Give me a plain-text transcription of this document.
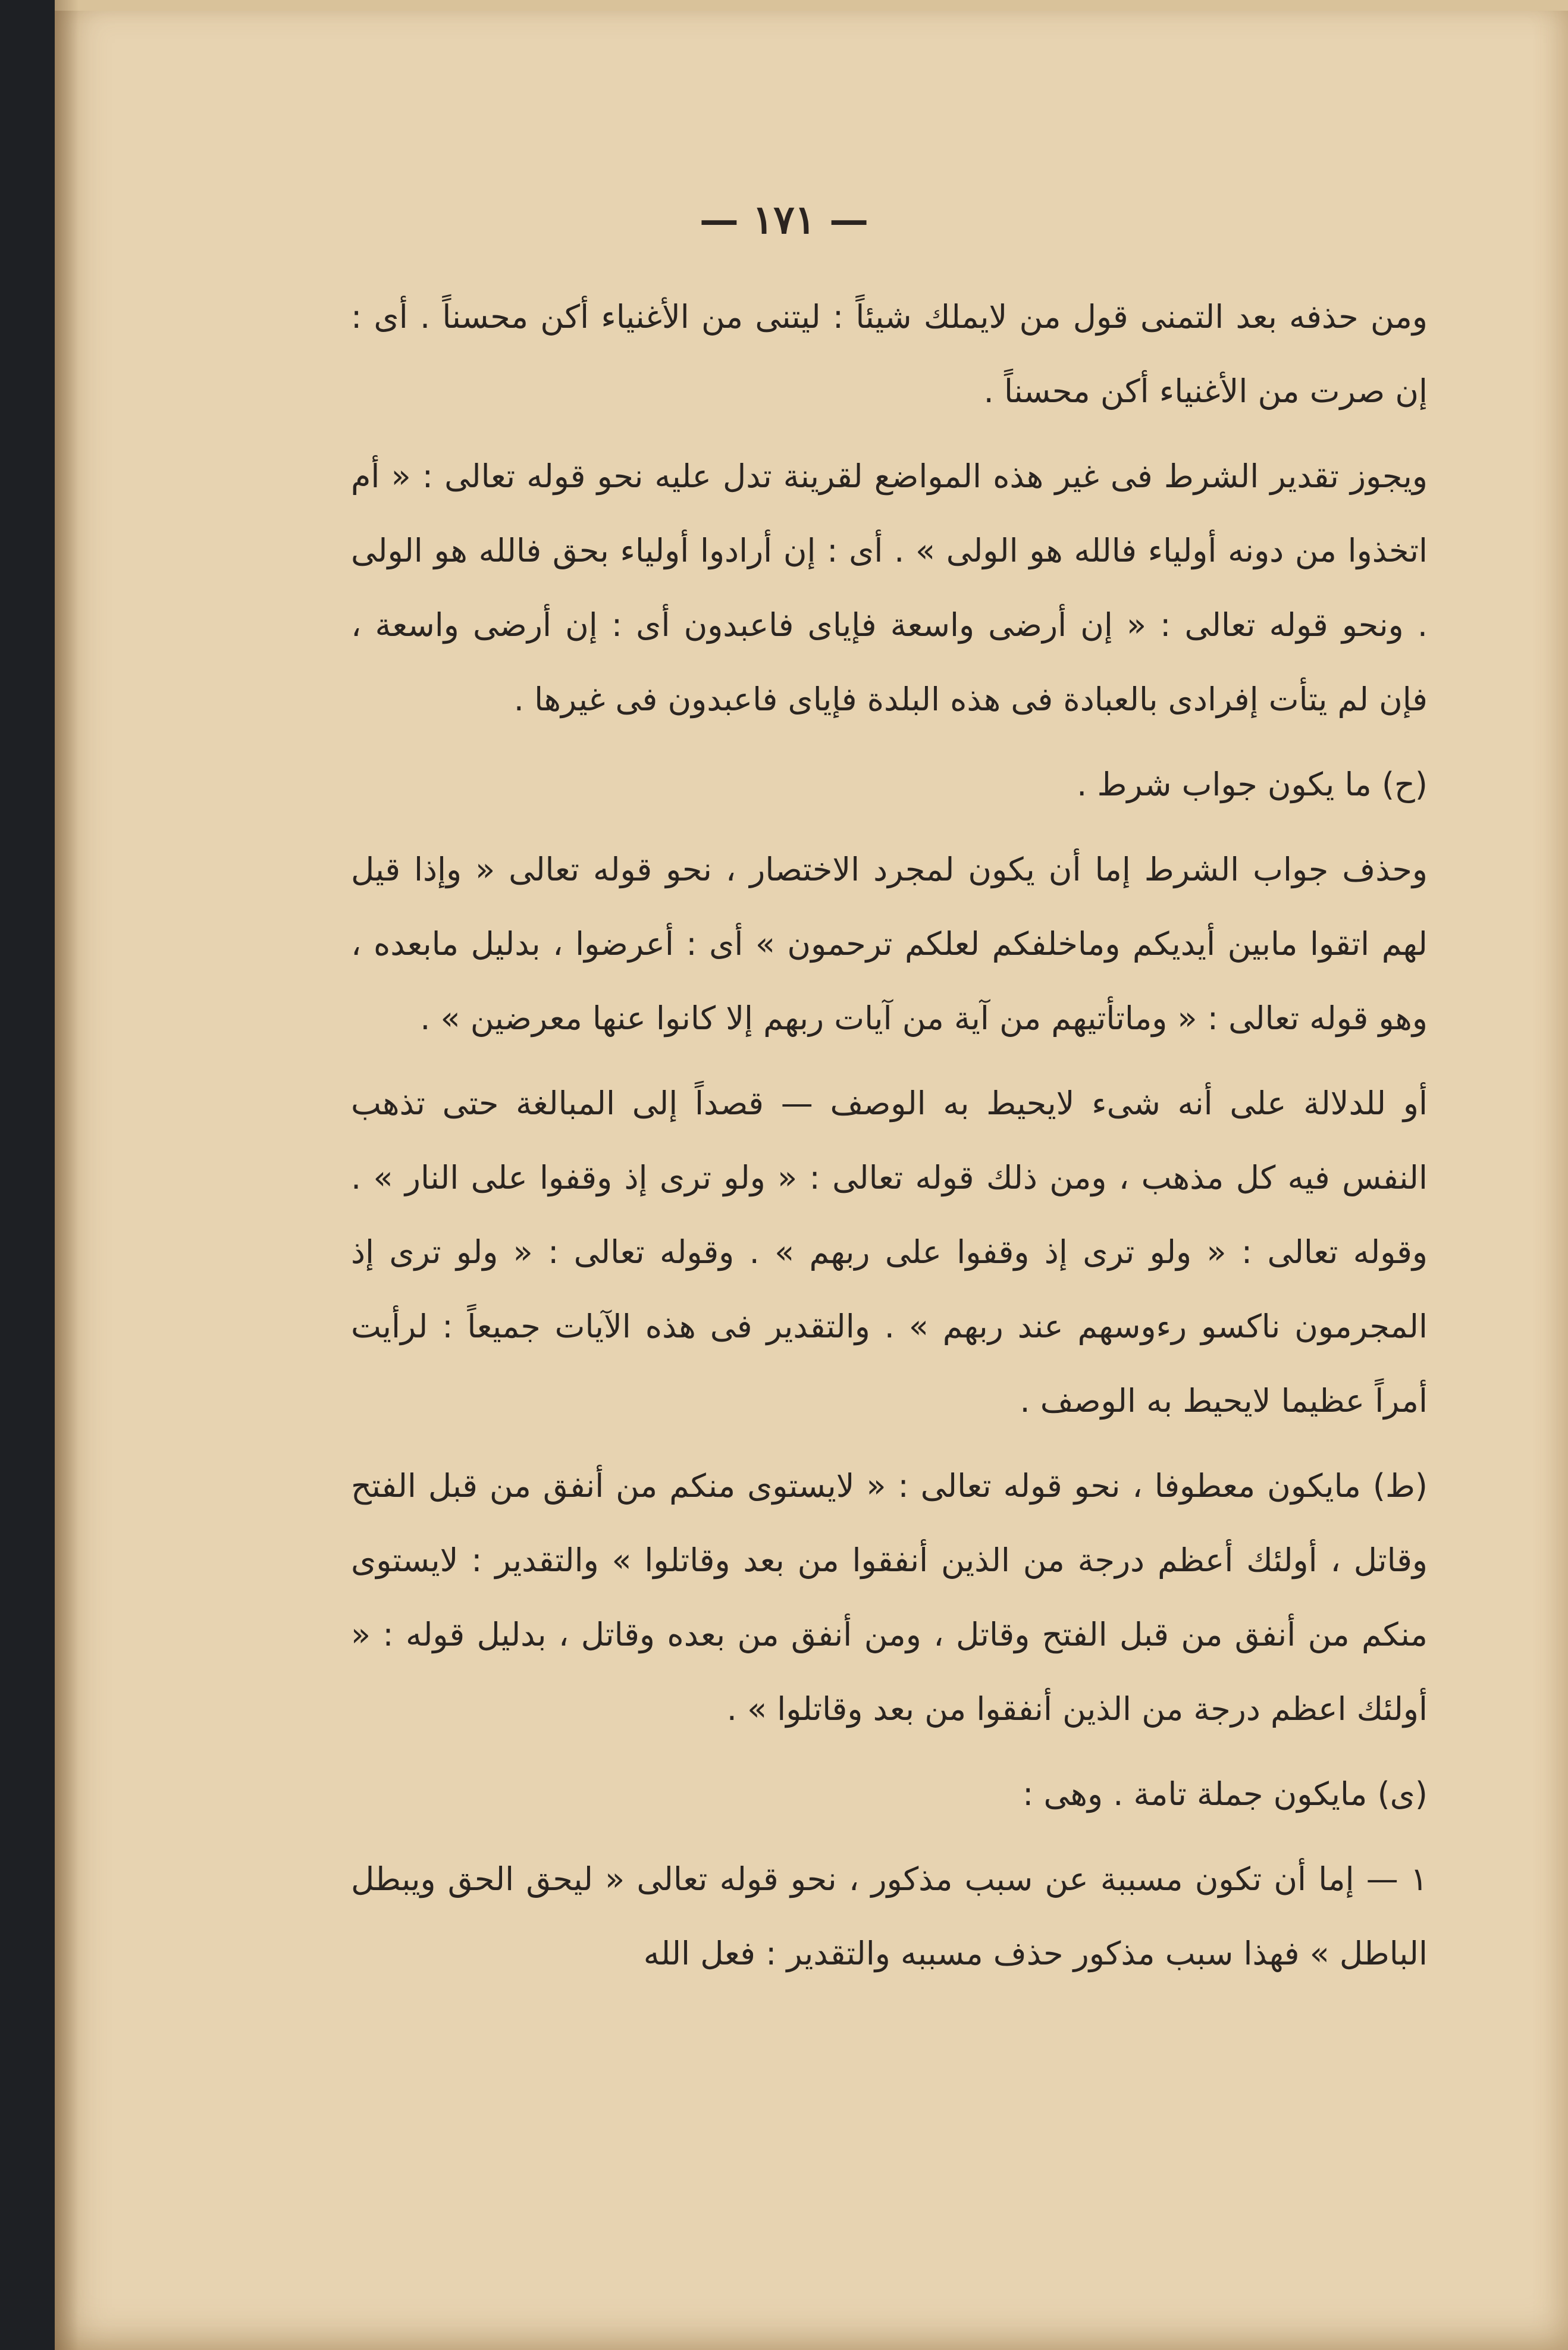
— ١٧١ —

ومن حذفه بعد التمنى قول من لايملك شيئاً : ليتنى من الأغنياء أكن محسناً . أى : إن صرت من الأغنياء أكن محسناً .

ويجوز تقدير الشرط فى غير هذه المواضع لقرينة تدل عليه نحو قوله تعالى : « أم اتخذوا من دونه أولياء فالله هو الولى » . أى : إن أرادوا أولياء بحق فالله هو الولى . ونحو قوله تعالى : « إن أرضى واسعة فإياى فاعبدون أى : إن أرضى واسعة ، فإن لم يتأت إفرادى بالعبادة فى هذه البلدة فإياى فاعبدون فى غيرها .

(ح) ما يكون جواب شرط .

وحذف جواب الشرط إما أن يكون لمجرد الاختصار ، نحو قوله تعالى « وإذا قيل لهم اتقوا مابين أيديكم وماخلفكم لعلكم ترحمون » أى : أعرضوا ، بدليل مابعده ، وهو قوله تعالى : « وماتأتيهم من آية من آيات ربهم إلا كانوا عنها معرضين » .

أو للدلالة على أنه شىء لايحيط به الوصف — قصداً إلى المبالغة حتى تذهب النفس فيه كل مذهب ، ومن ذلك قوله تعالى : « ولو ترى إذ وقفوا على النار » . وقوله تعالى : « ولو ترى إذ وقفوا على ربهم » . وقوله تعالى : « ولو ترى إذ المجرمون ناكسو رءوسهم عند ربهم » . والتقدير فى هذه الآيات جميعاً : لرأيت أمراً عظيما لايحيط به الوصف .

(ط) مايكون معطوفا ، نحو قوله تعالى : « لايستوى منكم من أنفق من قبل الفتح وقاتل ، أولئك أعظم درجة من الذين أنفقوا من بعد وقاتلوا » والتقدير : لايستوى منكم من أنفق من قبل الفتح وقاتل ، ومن أنفق من بعده وقاتل ، بدليل قوله : « أولئك اعظم درجة من الذين أنفقوا من بعد وقاتلوا » .

(ى) مايكون جملة تامة . وهى :

١ — إما أن تكون مسببة عن سبب مذكور ، نحو قوله تعالى « ليحق الحق ويبطل الباطل » فهذا سبب مذكور حذف مسببه والتقدير : فعل الله
